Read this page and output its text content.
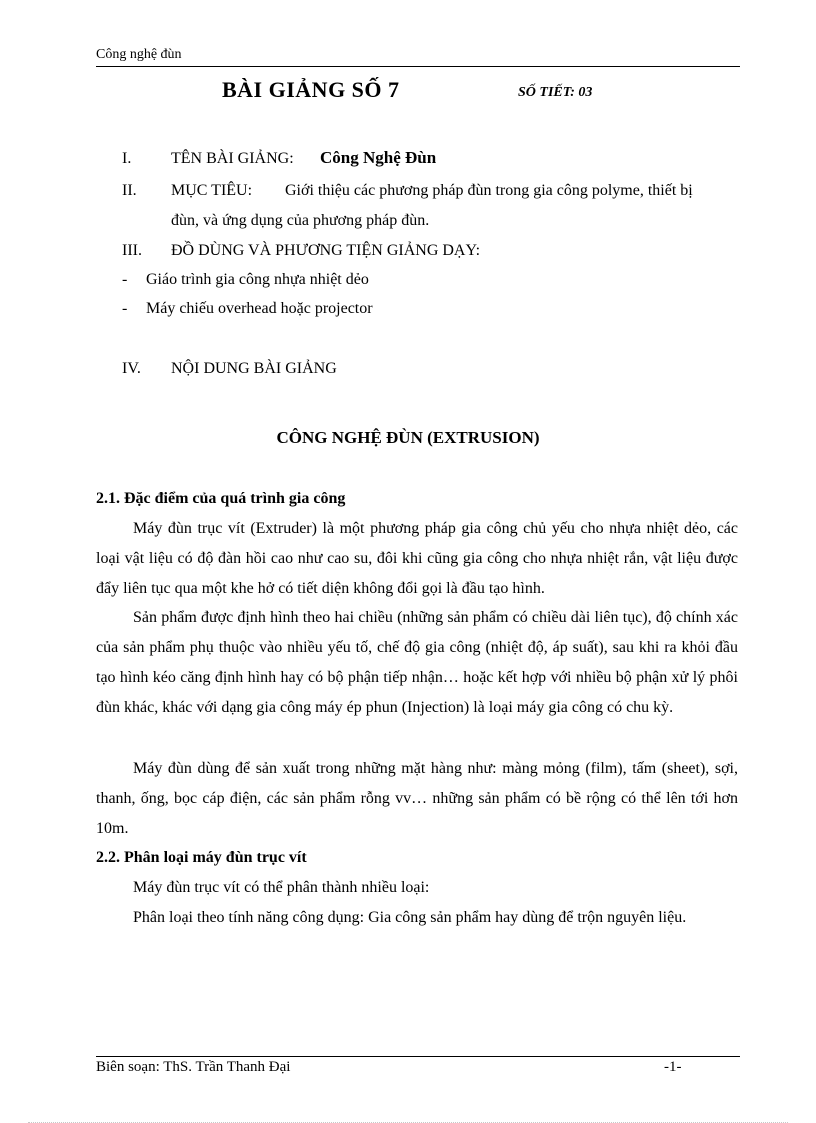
Công nghệ đùn
BÀI GIẢNG SỐ 7	SỐ TIẾT: 03
I. TÊN BÀI GIẢNG: Công Nghệ Đùn
II. MỤC TIÊU: Giới thiệu các phương pháp đùn trong gia công polyme, thiết bị
đùn, và ứng dụng của phương pháp đùn.
III. ĐỒ DÙNG VÀ PHƯƠNG TIỆN GIẢNG DẠY:
- Giáo trình gia công nhựa nhiệt dẻo
- Máy chiếu overhead hoặc projector
IV. NỘI DUNG BÀI GIẢNG
CÔNG NGHỆ ĐÙN (EXTRUSION)
2.1. Đặc điểm của quá trình gia công
Máy đùn trục vít (Extruder) là một phương pháp gia công chủ yếu cho nhựa nhiệt dẻo, các loại vật liệu có độ đàn hồi cao như cao su, đôi khi cũng gia công cho nhựa nhiệt rắn, vật liệu được đẩy liên tục qua một khe hở có tiết diện không đổi gọi là đầu tạo hình.
Sản phẩm được định hình theo hai chiều (những sản phẩm có chiều dài liên tục), độ chính xác của sản phẩm phụ thuộc vào nhiều yếu tố, chế độ gia công (nhiệt độ, áp suất), sau khi ra khỏi đầu tạo hình kéo căng định hình hay có bộ phận tiếp nhận… hoặc kết hợp với nhiều bộ phận xử lý phôi đùn khác, khác với dạng gia công máy ép phun (Injection) là loại máy gia công có chu kỳ.
Máy đùn dùng để sản xuất trong những mặt hàng như: màng mỏng (film), tấm (sheet), sợi, thanh, ống, bọc cáp điện, các sản phẩm rỗng vv… những sản phẩm có bề rộng có thể lên tới hơn 10m.
2.2. Phân loại máy đùn trục vít
Máy đùn trục vít có thể phân thành nhiều loại:
Phân loại theo tính năng công dụng: Gia công sản phẩm hay dùng để trộn nguyên liệu.
Biên soạn: ThS. Trần Thanh Đại	-1-
